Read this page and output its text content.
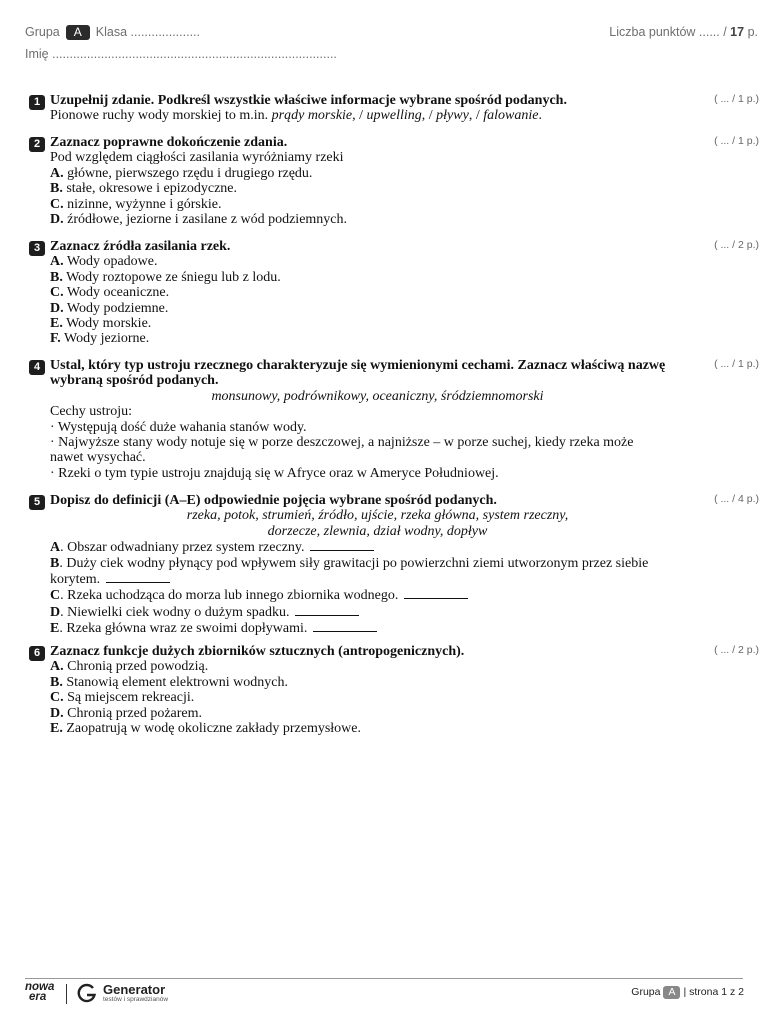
Grupa A Klasa ....................
Imię ..................................................................................
Liczba punktów ...... / 17 p.
1	( ... / 1 p.)
Uzupełnij zdanie. Podkreśl wszystkie właściwe informacje wybrane spośród podanych.
Pionowe ruchy wody morskiej to m.in. prądy morskie, / upwelling, / pływy, / falowanie.
2	( ... / 1 p.)
Zaznacz poprawne dokończenie zdania.
Pod względem ciągłości zasilania wyróżniamy rzeki
A. główne, pierwszego rzędu i drugiego rzędu.
B. stałe, okresowe i epizodyczne.
C. nizinne, wyżynne i górskie.
D. źródłowe, jeziorne i zasilane z wód podziemnych.
3	( ... / 2 p.)
Zaznacz źródła zasilania rzek.
A. Wody opadowe.
B. Wody roztopowe ze śniegu lub z lodu.
C. Wody oceaniczne.
D. Wody podziemne.
E. Wody morskie.
F. Wody jeziorne.
4	( ... / 1 p.)
Ustal, który typ ustroju rzecznego charakteryzuje się wymienionymi cechami. Zaznacz właściwą nazwę
wybraną spośród podanych.
monsunowy, podrównikowy, oceaniczny, śródziemnomorski
Cechy ustroju:
· Występują dość duże wahania stanów wody.
· Najwyższe stany wody notuje się w porze deszczowej, a najniższe – w porze suchej, kiedy rzeka może
nawet wysychać.
· Rzeki o tym typie ustroju znajdują się w Afryce oraz w Ameryce Południowej.
5	( ... / 4 p.)
Dopisz do definicji (A–E) odpowiednie pojęcia wybrane spośród podanych.
rzeka, potok, strumień, źródło, ujście, rzeka główna, system rzeczny,
dorzecze, zlewnia, dział wodny, dopływ
A. Obszar odwadniany przez system rzeczny.
B. Duży ciek wodny płynący pod wpływem siły grawitacji po powierzchni ziemi utworzonym przez siebie
korytem.
C. Rzeka uchodząca do morza lub innego zbiornika wodnego.
D. Niewielki ciek wodny o dużym spadku.
E. Rzeka główna wraz ze swoimi dopływami.
6	( ... / 2 p.)
Zaznacz funkcje dużych zbiorników sztucznych (antropogenicznych).
A. Chronią przed powodzią.
B. Stanowią element elektrowni wodnych.
C. Są miejscem rekreacji.
D. Chronią przed pożarem.
E. Zaopatrują w wodę okoliczne zakłady przemysłowe.
nowa
era	Generator
testów i sprawdzianów
Grupa A | strona 1 z 2
